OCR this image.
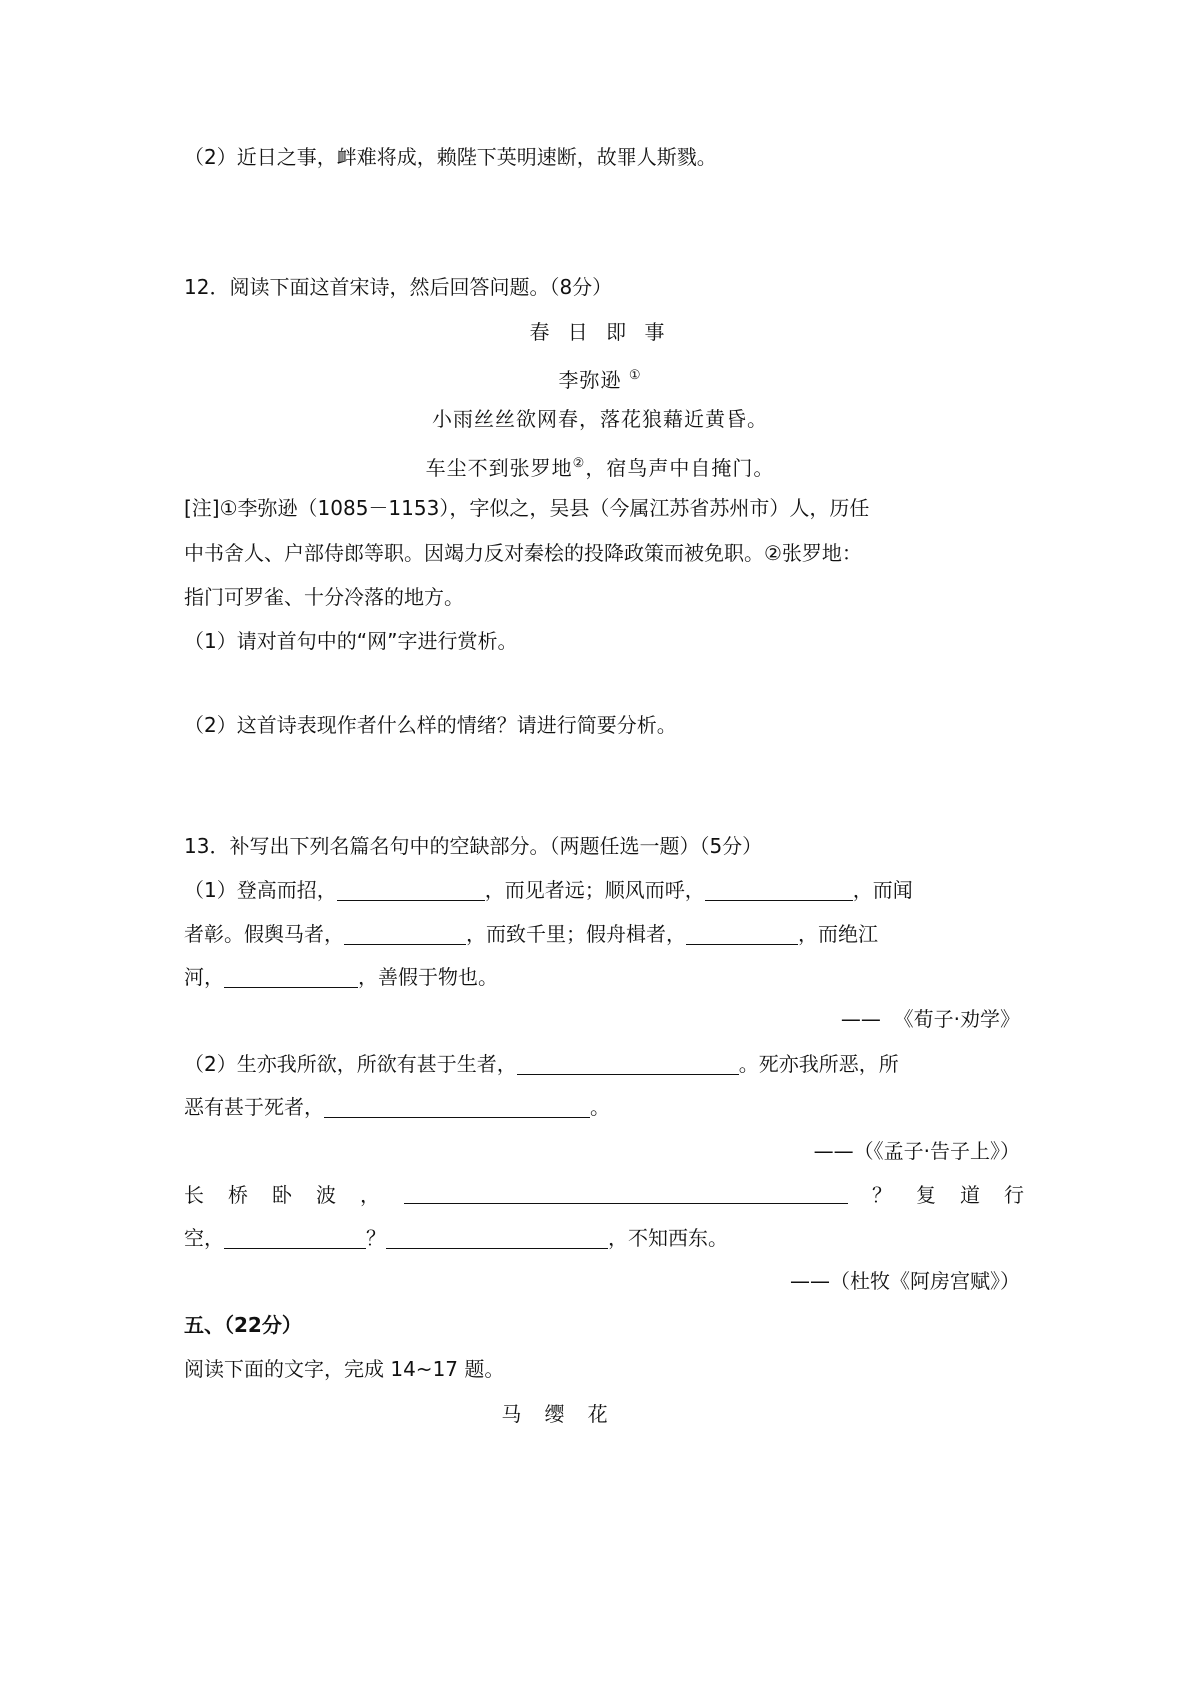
（2）近日之事，衅难将成，赖陛下英明速断，故罪人斯戮。
12．阅读下面这首宋诗，然后回答问题。（8分）
春 日 即 事
李弥逊 ①
小雨丝丝欲网春，落花狼藉近黄昏。
车尘不到张罗地②，宿鸟声中自掩门。
[注]①李弥逊（1085－1153），字似之，吴县（今属江苏省苏州市）人，历任
中书舍人、户部侍郎等职。因竭力反对秦桧的投降政策而被免职。②张罗地：
指门可罗雀、十分冷落的地方。
（1）请对首句中的“网”字进行赏析。
（2）这首诗表现作者什么样的情绪？请进行简要分析。
13．补写出下列名篇名句中的空缺部分。（两题任选一题）（5分）
（1）登高而招，	，而见者远；顺风而呼，	，而闻
者彰。假舆马者，	，而致千里；假舟楫者，	，而绝江
河，	，善假于物也。
——  《荀子·劝学》
（2）生亦我所欲，所欲有甚于生者，	。死亦我所恶，所
恶有甚于死者，	。
——（《孟子·告子上》）
长 桥 卧 波 ，	？ 复 道 行
空，	？	，不知西东。
——（杜牧《阿房宫赋》）
五、（22分）
阅读下面的文字，完成 14~17 题。
马   缨   花
